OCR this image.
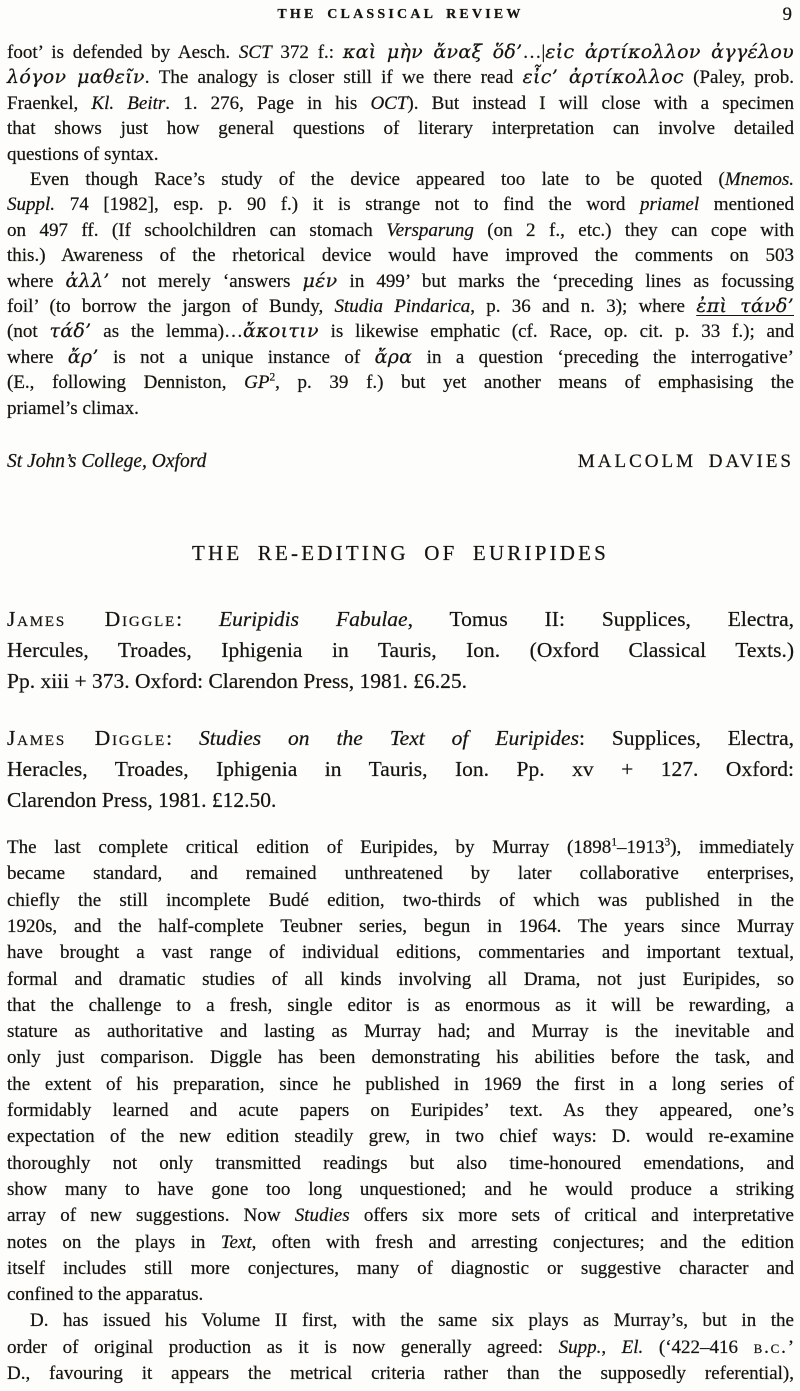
THE CLASSICAL REVIEW	9
foot’ is defended by Aesch. SCT 372 f.: καὶ μὴν ἄναξ ὅδ’…|εἰϲ ἀρτίκολλον ἀγγέλου
λόγον μαθεῖν. The analogy is closer still if we there read εἶϲ’ ἀρτίκολλοϲ (Paley, prob.
Fraenkel, Kl. Beitr. 1. 276, Page in his OCT). But instead I will close with a specimen
that shows just how general questions of literary interpretation can involve detailed
questions of syntax.
Even though Race’s study of the device appeared too late to be quoted (Mnemos.
Suppl. 74 [1982], esp. p. 90 f.) it is strange not to find the word priamel mentioned
on 497 ff. (If schoolchildren can stomach Versparung (on 2 f., etc.) they can cope with
this.) Awareness of the rhetorical device would have improved the comments on 503
where ἀλλ’ not merely ‘answers μέν in 499’ but marks the ‘preceding lines as focussing
foil’ (to borrow the jargon of Bundy, Studia Pindarica, p. 36 and n. 3); where ἐπὶ τάνδ’
(not τάδ’ as the lemma)…ἄκοιτιν is likewise emphatic (cf. Race, op. cit. p. 33 f.); and
where ἄρ’ is not a unique instance of ἄρα in a question ‘preceding the interrogative’
(E., following Denniston, $GP^2$, p. 39 f.) but yet another means of emphasising the
priamel’s climax.
St John’s College, Oxford	MALCOLM DAVIES
THE RE-EDITING OF EURIPIDES
James Diggle: Euripidis Fabulae, Tomus II: Supplices, Electra,
Hercules, Troades, Iphigenia in Tauris, Ion. (Oxford Classical Texts.)
Pp. xiii + 373. Oxford: Clarendon Press, 1981. £6.25.
James Diggle: Studies on the Text of Euripides: Supplices, Electra,
Heracles, Troades, Iphigenia in Tauris, Ion. Pp. xv + 127. Oxford:
Clarendon Press, 1981. £12.50.
The last complete critical edition of Euripides, by Murray (1898$^1$–1913$^3$), immediately
became standard, and remained unthreatened by later collaborative enterprises,
chiefly the still incomplete Budé edition, two-thirds of which was published in the
1920s, and the half-complete Teubner series, begun in 1964. The years since Murray
have brought a vast range of individual editions, commentaries and important textual,
formal and dramatic studies of all kinds involving all Drama, not just Euripides, so
that the challenge to a fresh, single editor is as enormous as it will be rewarding, a
stature as authoritative and lasting as Murray had; and Murray is the inevitable and
only just comparison. Diggle has been demonstrating his abilities before the task, and
the extent of his preparation, since he published in 1969 the first in a long series of
formidably learned and acute papers on Euripides’ text. As they appeared, one’s
expectation of the new edition steadily grew, in two chief ways: D. would re-examine
thoroughly not only transmitted readings but also time-honoured emendations, and
show many to have gone too long unquestioned; and he would produce a striking
array of new suggestions. Now Studies offers six more sets of critical and interpretative
notes on the plays in Text, often with fresh and arresting conjectures; and the edition
itself includes still more conjectures, many of diagnostic or suggestive character and
confined to the apparatus.
D. has issued his Volume II first, with the same six plays as Murray’s, but in the
order of original production as it is now generally agreed: Supp., El. (‘422–416 b.c.’
D., favouring it appears the metrical criteria rather than the supposedly referential),
